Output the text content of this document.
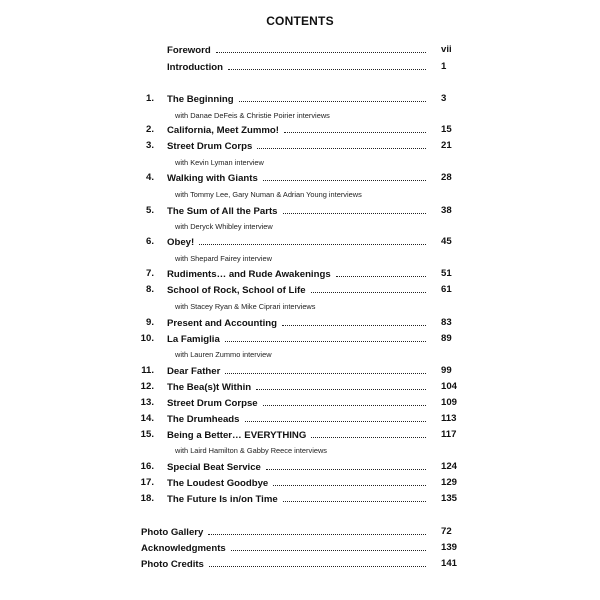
CONTENTS
Foreword	vii
Introduction	1
1. The Beginning	3
with Danae DeFeis & Christie Poirier interviews
2. California, Meet Zummo!	15
3. Street Drum Corps	21
with Kevin Lyman interview
4. Walking with Giants	28
with Tommy Lee, Gary Numan & Adrian Young interviews
5. The Sum of All the Parts	38
with Deryck Whibley interview
6. Obey!	45
with Shepard Fairey interview
7. Rudiments… and Rude Awakenings	51
8. School of Rock, School of Life	61
with Stacey Ryan & Mike Ciprari interviews
9. Present and Accounting	83
10. La Famiglia	89
with Lauren Zummo interview
11. Dear Father	99
12. The Bea(s)t Within	104
13. Street Drum Corpse	109
14. The Drumheads	113
15. Being a Better… EVERYTHING	117
with Laird Hamilton & Gabby Reece interviews
16. Special Beat Service	124
17. The Loudest Goodbye	129
18. The Future Is in/on Time	135
Photo Gallery	72
Acknowledgments	139
Photo Credits	141
